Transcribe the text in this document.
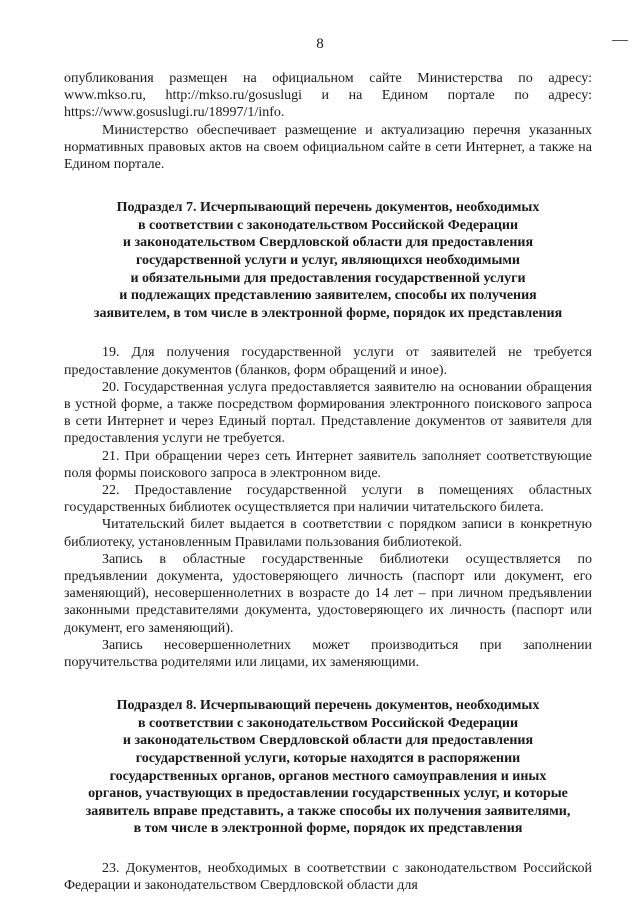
8

опубликования размещен на официальном сайте Министерства по адресу: www.mkso.ru, http://mkso.ru/gosuslugi и на Едином портале по адресу: https://www.gosuslugi.ru/18997/1/info.

Министерство обеспечивает размещение и актуализацию перечня указанных нормативных правовых актов на своем официальном сайте в сети Интернет, а также на Едином портале.

Подраздел 7. Исчерпывающий перечень документов, необходимых
в соответствии с законодательством Российской Федерации
и законодательством Свердловской области для предоставления
государственной услуги и услуг, являющихся необходимыми
и обязательными для предоставления государственной услуги
и подлежащих представлению заявителем, способы их получения
заявителем, в том числе в электронной форме, порядок их представления

19. Для получения государственной услуги от заявителей не требуется предоставление документов (бланков, форм обращений и иное).

20. Государственная услуга предоставляется заявителю на основании обращения в устной форме, а также посредством формирования электронного поискового запроса в сети Интернет и через Единый портал. Представление документов от заявителя для предоставления услуги не требуется.

21. При обращении через сеть Интернет заявитель заполняет соответствующие поля формы поискового запроса в электронном виде.

22. Предоставление государственной услуги в помещениях областных государственных библиотек осуществляется при наличии читательского билета.

Читательский билет выдается в соответствии с порядком записи в конкретную библиотеку, установленным Правилами пользования библиотекой.

Запись в областные государственные библиотеки осуществляется по предъявлении документа, удостоверяющего личность (паспорт или документ, его заменяющий), несовершеннолетних в возрасте до 14 лет – при личном предъявлении законными представителями документа, удостоверяющего их личность (паспорт или документ, его заменяющий).

Запись несовершеннолетних может производиться при заполнении поручительства родителями или лицами, их заменяющими.

Подраздел 8. Исчерпывающий перечень документов, необходимых
в соответствии с законодательством Российской Федерации
и законодательством Свердловской области для предоставления
государственной услуги, которые находятся в распоряжении
государственных органов, органов местного самоуправления и иных
органов, участвующих в предоставлении государственных услуг, и которые
заявитель вправе представить, а также способы их получения заявителями,
в том числе в электронной форме, порядок их представления

23. Документов, необходимых в соответствии с законодательством Российской Федерации и законодательством Свердловской области для
